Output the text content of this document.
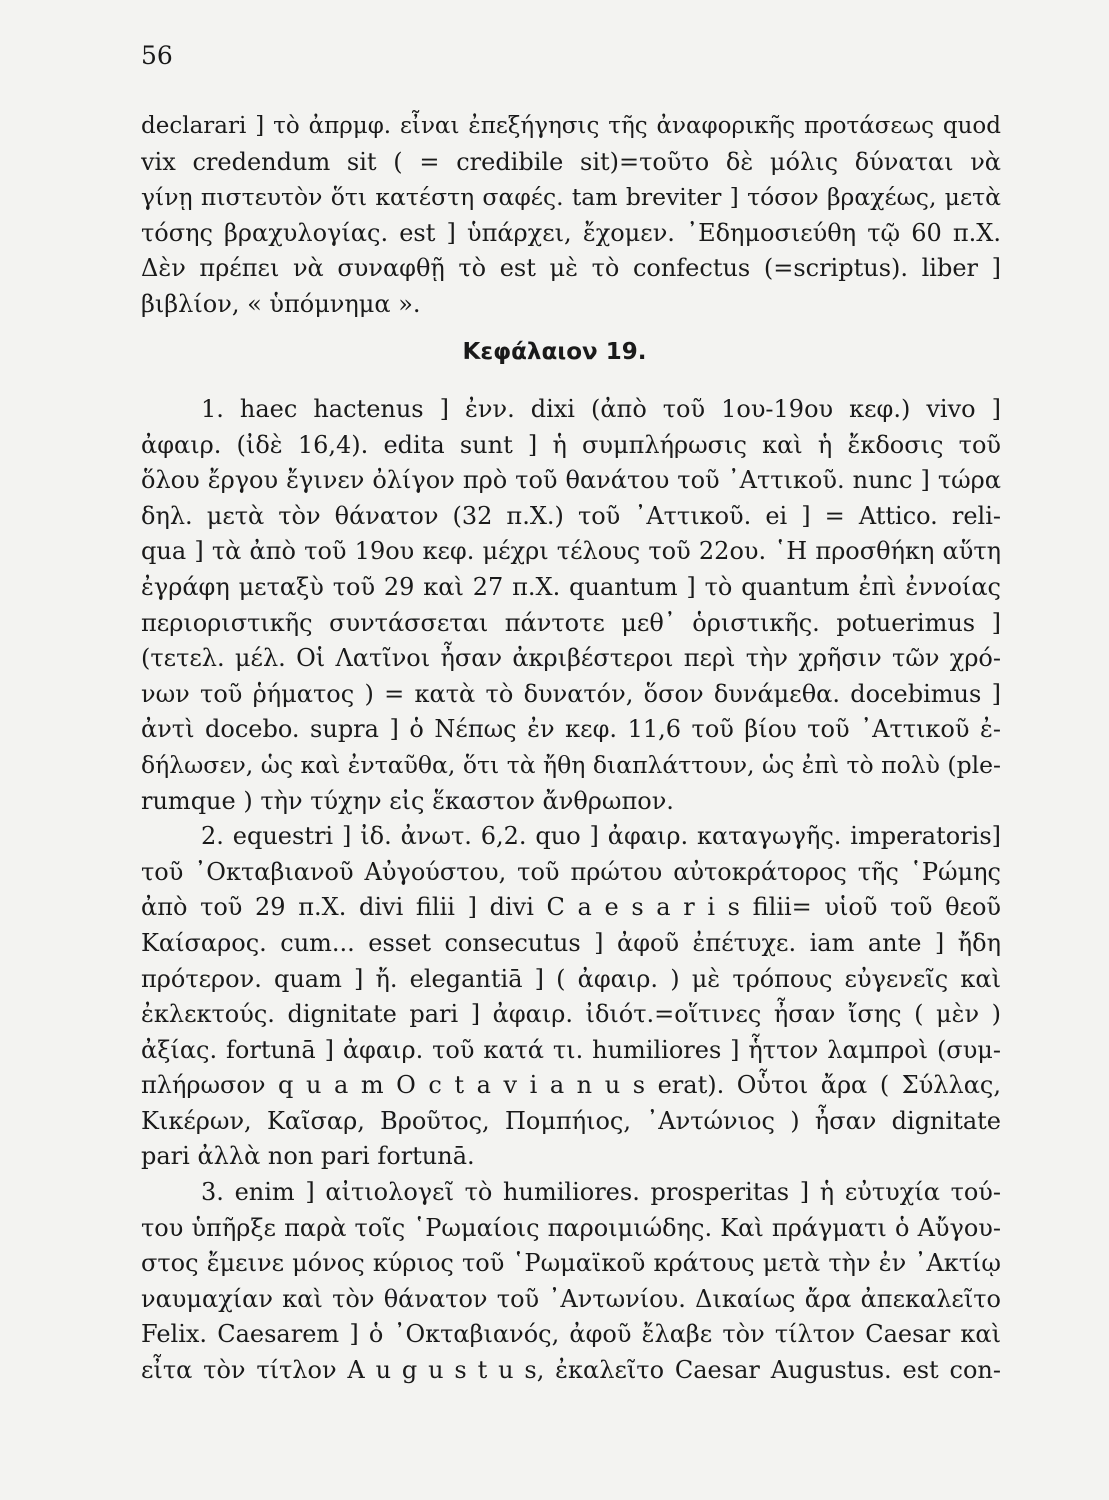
56
declarari ] τὸ ἀπρμφ. εἶναι ἐπεξήγησις τῆς ἀναφορικῆς προτάσεως quod
vix credendum sit ( = credibile sit)=τοῦτο δὲ μόλις δύναται νὰ
γίνῃ πιστευτὸν ὅτι κατέστη σαφές. tam breviter ] τόσον βραχέως, μετὰ
τόσης βραχυλογίας. est ] ὑπάρχει, ἔχομεν. ᾿Εδημοσιεύθη τῷ 60 π.Χ.
Δὲν πρέπει νὰ συναφθῇ τὸ est μὲ τὸ confectus (=scriptus). liber ]
βιβλίον, « ὑπόμνημα ».
Κεφάλαιον 19.
1. haec hactenus ] ἐνν. dixi (ἀπὸ τοῦ 1ου-19ου κεφ.) vivo ]
ἀφαιρ. (ἰδὲ 16,4). edita sunt ] ἡ συμπλήρωσις καὶ ἡ ἔκδοσις τοῦ
ὅλου ἔργου ἔγινεν ὀλίγον πρὸ τοῦ θανάτου τοῦ ᾿Αττικοῦ. nunc ] τώρα
δηλ. μετὰ τὸν θάνατον (32 π.Χ.) τοῦ ᾿Αττικοῦ. ei ] = Attico. reli-
qua ] τὰ ἀπὸ τοῦ 19ου κεφ. μέχρι τέλους τοῦ 22ου. ῾Η προσθήκη αὕτη
ἐγράφη μεταξὺ τοῦ 29 καὶ 27 π.Χ. quantum ] τὸ quantum ἐπὶ ἐννοίας
περιοριστικῆς συντάσσεται πάντοτε μεθ᾿ ὁριστικῆς. potuerimus ]
(τετελ. μέλ. Οἱ Λατῖνοι ἦσαν ἀκριβέστεροι περὶ τὴν χρῆσιν τῶν χρό-
νων τοῦ ῥήματος ) = κατὰ τὸ δυνατόν, ὅσον δυνάμεθα. docebimus ]
ἀντὶ docebo. supra ] ὁ Νέπως ἐν κεφ. 11,6 τοῦ βίου τοῦ ᾿Αττικοῦ ἐ-
δήλωσεν, ὡς καὶ ἐνταῦθα, ὅτι τὰ ἤθη διαπλάττουν, ὡς ἐπὶ τὸ πολὺ (ple-
rumque ) τὴν τύχην εἰς ἕκαστον ἄνθρωπον.
2. equestri ] ἰδ. ἀνωτ. 6,2. quo ] ἀφαιρ. καταγωγῆς. imperatoris]
τοῦ ᾿Οκταβιανοῦ Αὐγούστου, τοῦ πρώτου αὐτοκράτορος τῆς ῾Ρώμης
ἀπὸ τοῦ 29 π.Χ. divi filii ] divi C a e s a r i s filii= υἱοῦ τοῦ θεοῦ
Καίσαρος. cum... esset consecutus ] ἀφοῦ ἐπέτυχε. iam ante ] ἤδη
πρότερον. quam ] ἤ. elegantiā ] ( ἀφαιρ. ) μὲ τρόπους εὐγενεῖς καὶ
ἐκλεκτούς. dignitate pari ] ἀφαιρ. ἰδιότ.=οἵτινες ἦσαν ἴσης ( μὲν )
ἀξίας. fortunā ] ἀφαιρ. τοῦ κατά τι. humiliores ] ἧττον λαμπροὶ (συμ-
πλήρωσον q u a m O c t a v i a n u s erat). Οὗτοι ἄρα ( Σύλλας,
Κικέρων, Καῖσαρ, Βροῦτος, Πομπήιος, ᾿Αντώνιος ) ἦσαν dignitate
pari ἀλλὰ non pari fortunā.
3. enim ] αἰτιολογεῖ τὸ humiliores. prosperitas ] ἡ εὐτυχία τού-
του ὑπῆρξε παρὰ τοῖς ῾Ρωμαίοις παροιμιώδης. Καὶ πράγματι ὁ Αὔγου-
στος ἔμεινε μόνος κύριος τοῦ ῾Ρωμαϊκοῦ κράτους μετὰ τὴν ἐν ᾿Ακτίῳ
ναυμαχίαν καὶ τὸν θάνατον τοῦ ᾿Αντωνίου. Δικαίως ἄρα ἀπεκαλεῖτο
Felix. Caesarem ] ὁ ᾿Οκταβιανός, ἀφοῦ ἔλαβε τὸν τίλτον Caesar καὶ
εἶτα τὸν τίτλον A u g u s t u s, ἐκαλεῖτο Caesar Augustus. est con-
